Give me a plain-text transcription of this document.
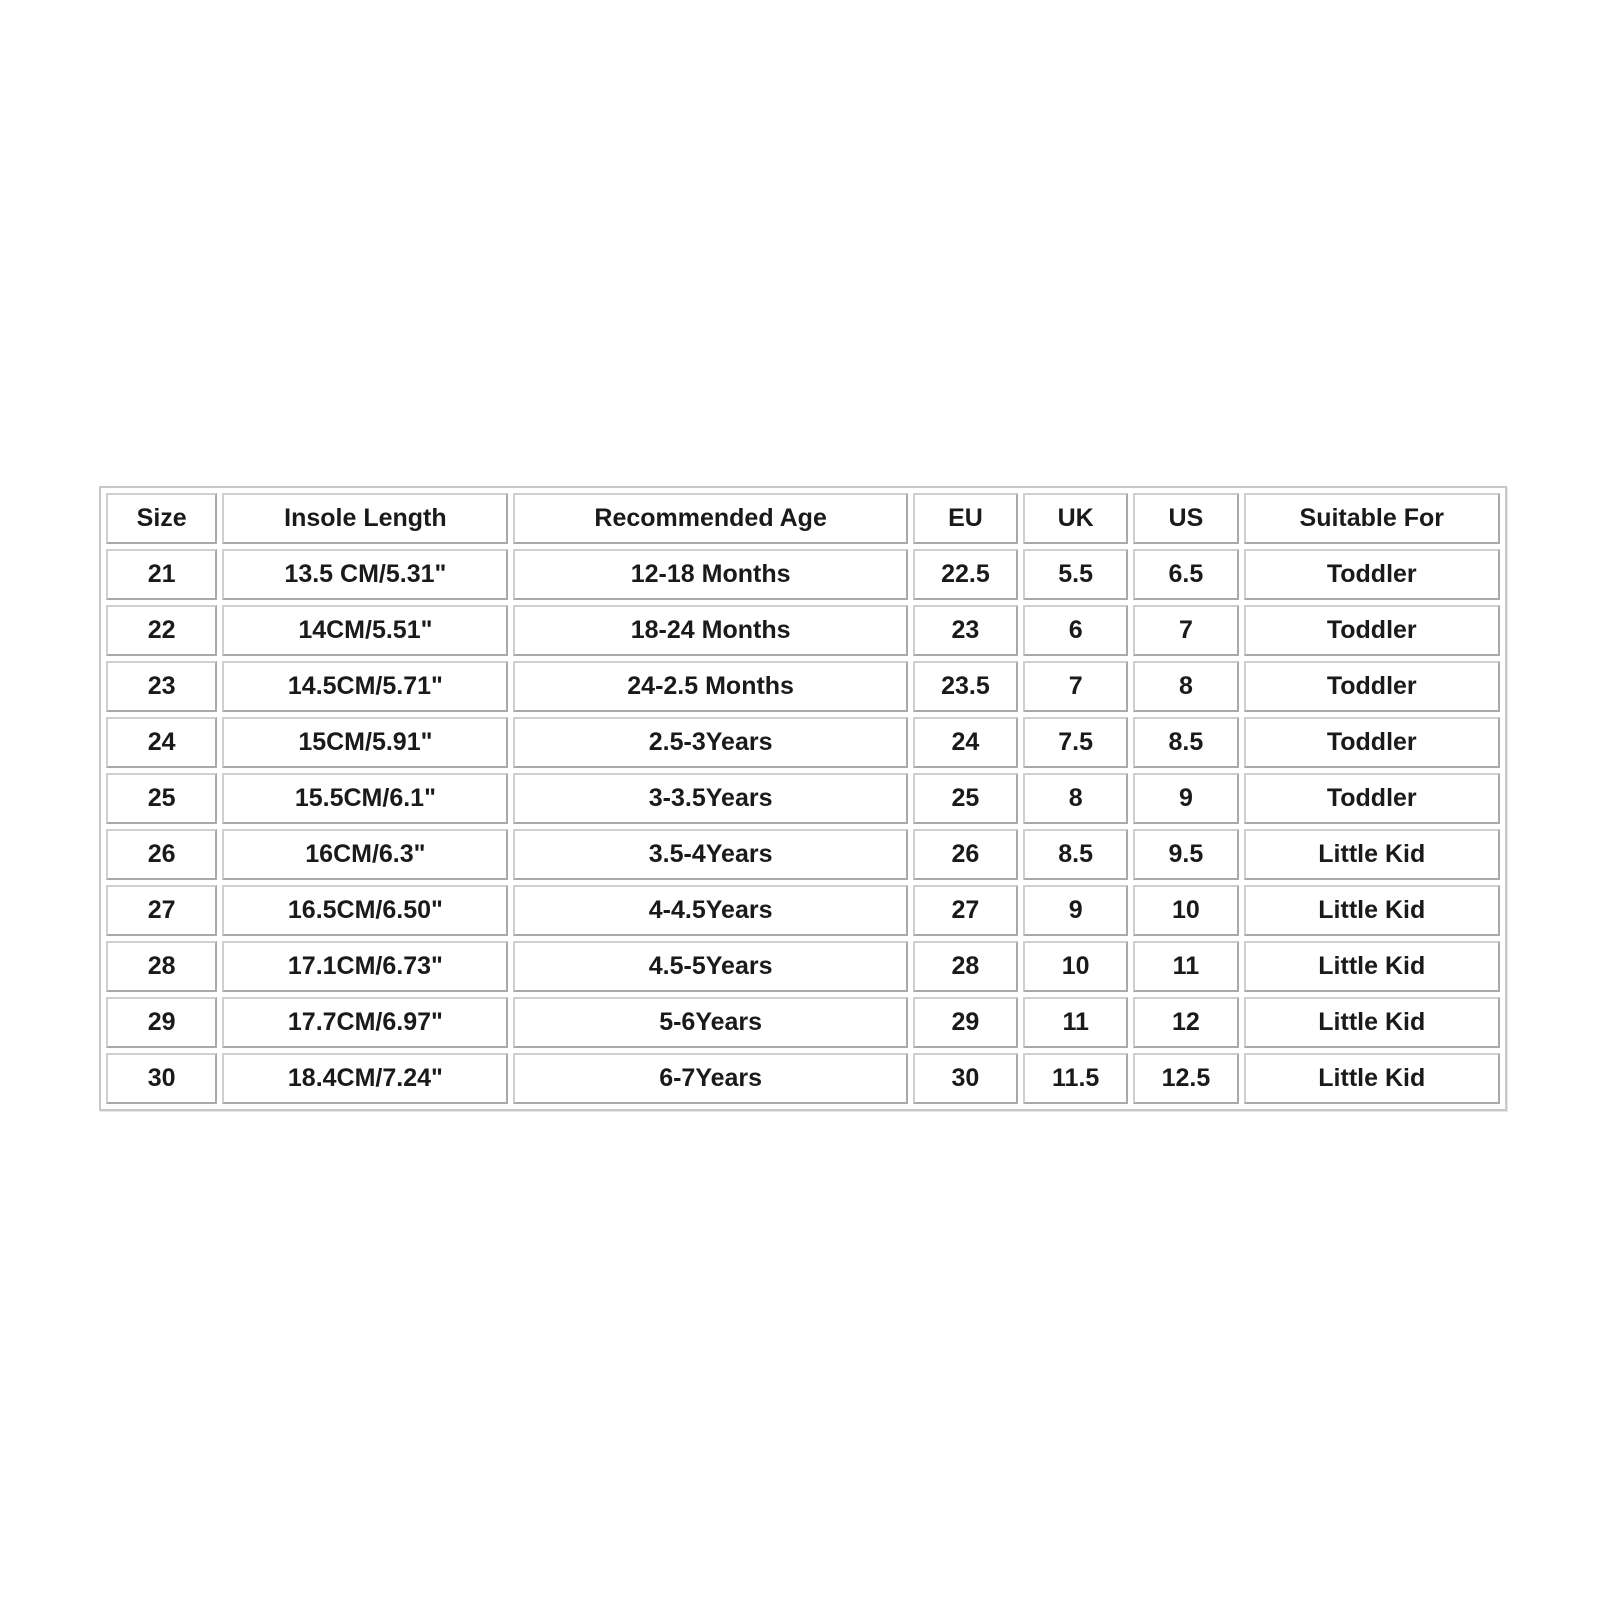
Size	Insole Length	Recommended Age	EU	UK	US	Suitable For
21	13.5 CM/5.31"	12-18 Months	22.5	5.5	6.5	Toddler
22	14CM/5.51"	18-24 Months	23	6	7	Toddler
23	14.5CM/5.71"	24-2.5 Months	23.5	7	8	Toddler
24	15CM/5.91"	2.5-3Years	24	7.5	8.5	Toddler
25	15.5CM/6.1"	3-3.5Years	25	8	9	Toddler
26	16CM/6.3"	3.5-4Years	26	8.5	9.5	Little Kid
27	16.5CM/6.50"	4-4.5Years	27	9	10	Little Kid
28	17.1CM/6.73"	4.5-5Years	28	10	11	Little Kid
29	17.7CM/6.97"	5-6Years	29	11	12	Little Kid
30	18.4CM/7.24"	6-7Years	30	11.5	12.5	Little Kid
